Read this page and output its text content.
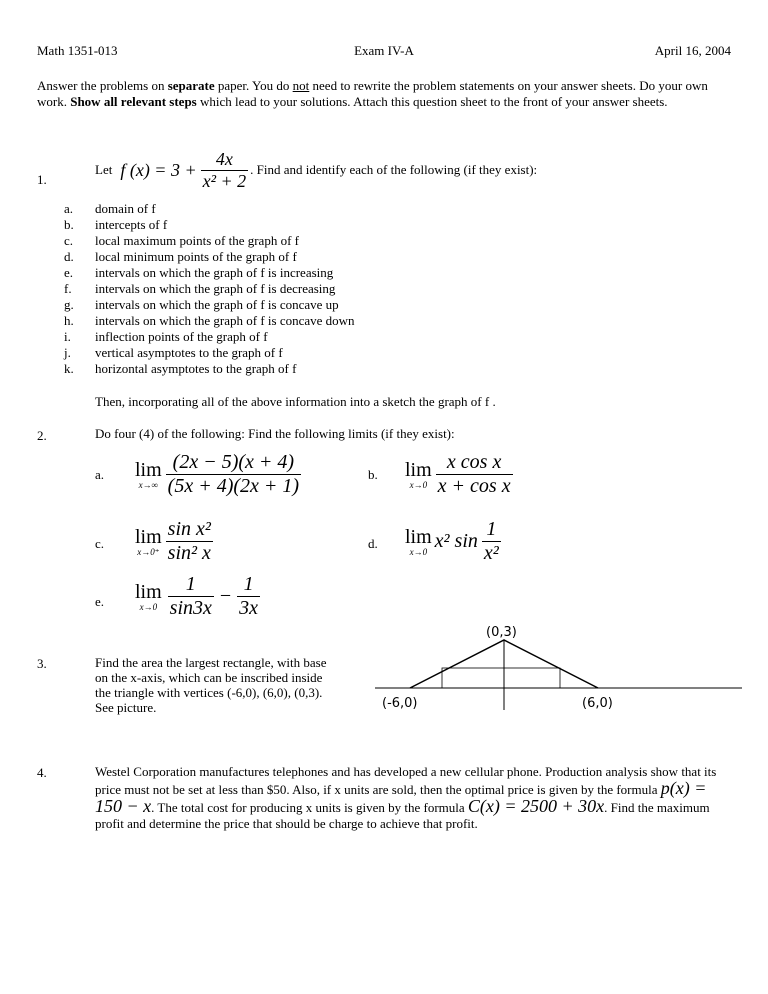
Math 1351-013	Exam IV-A	April 16, 2004
Answer the problems on separate paper. You do not need to rewrite the problem statements on your answer sheets. Do your own work. Show all relevant steps which lead to your solutions. Attach this question sheet to the front of your answer sheets.
1.
Let f $(x) = 3 + \frac{4x}{\text{x² + 2}}$ . Find and identify each of the following (if they exist):
a. domain of f
b. intercepts of f
c. local maximum points of the graph of f
d. local minimum points of the graph of f
e. intervals on which the graph of f is increasing
f. intervals on which the graph of f is decreasing
g. intervals on which the graph of f is concave up
h. intervals on which the graph of f is concave down
i. inflection points of the graph of f
j. vertical asymptotes to the graph of f
k. horizontal asymptotes to the graph of f
Then, incorporating all of the above information into a sketch the graph of f .
2.	Do four (4) of the following: Find the following limits (if they exist):
a. lim
$x\to\infty \frac{(2x - 5)(x + 4)}{(5x + 4)(2x + 1)}$	b. lim
$x\to 0 \frac{\text{x cos x}}{\text{x + cos x}}$
c. lim
$x\to 0^+ \frac{\text{sin x²}}{\text{sin² x}}$	d. lim
x→0 x² $\sin \frac{1}{\text{x²}}$
e. lim
$x\to 0 \frac{1}{\sin 3x} - \frac{1}{3x}$
3.	Find the area the largest rectangle, with base on the x-axis, which can be inscribed inside the triangle with vertices (-6,0), (6,0), (0,3). See picture.
(0,3)
(-6,0)	(6,0)
4.	Westel Corporation manufactures telephones and has developed a new cellular phone. Production analysis show that its price must not be set at less than $50. Also, if x units are sold, then the optimal price is given by the formula p(x) = 150 − x. The total cost for producing x units is given by the formula C(x) = 2500 + 30x. Find the maximum profit and determine the price that should be charge to achieve that profit.
